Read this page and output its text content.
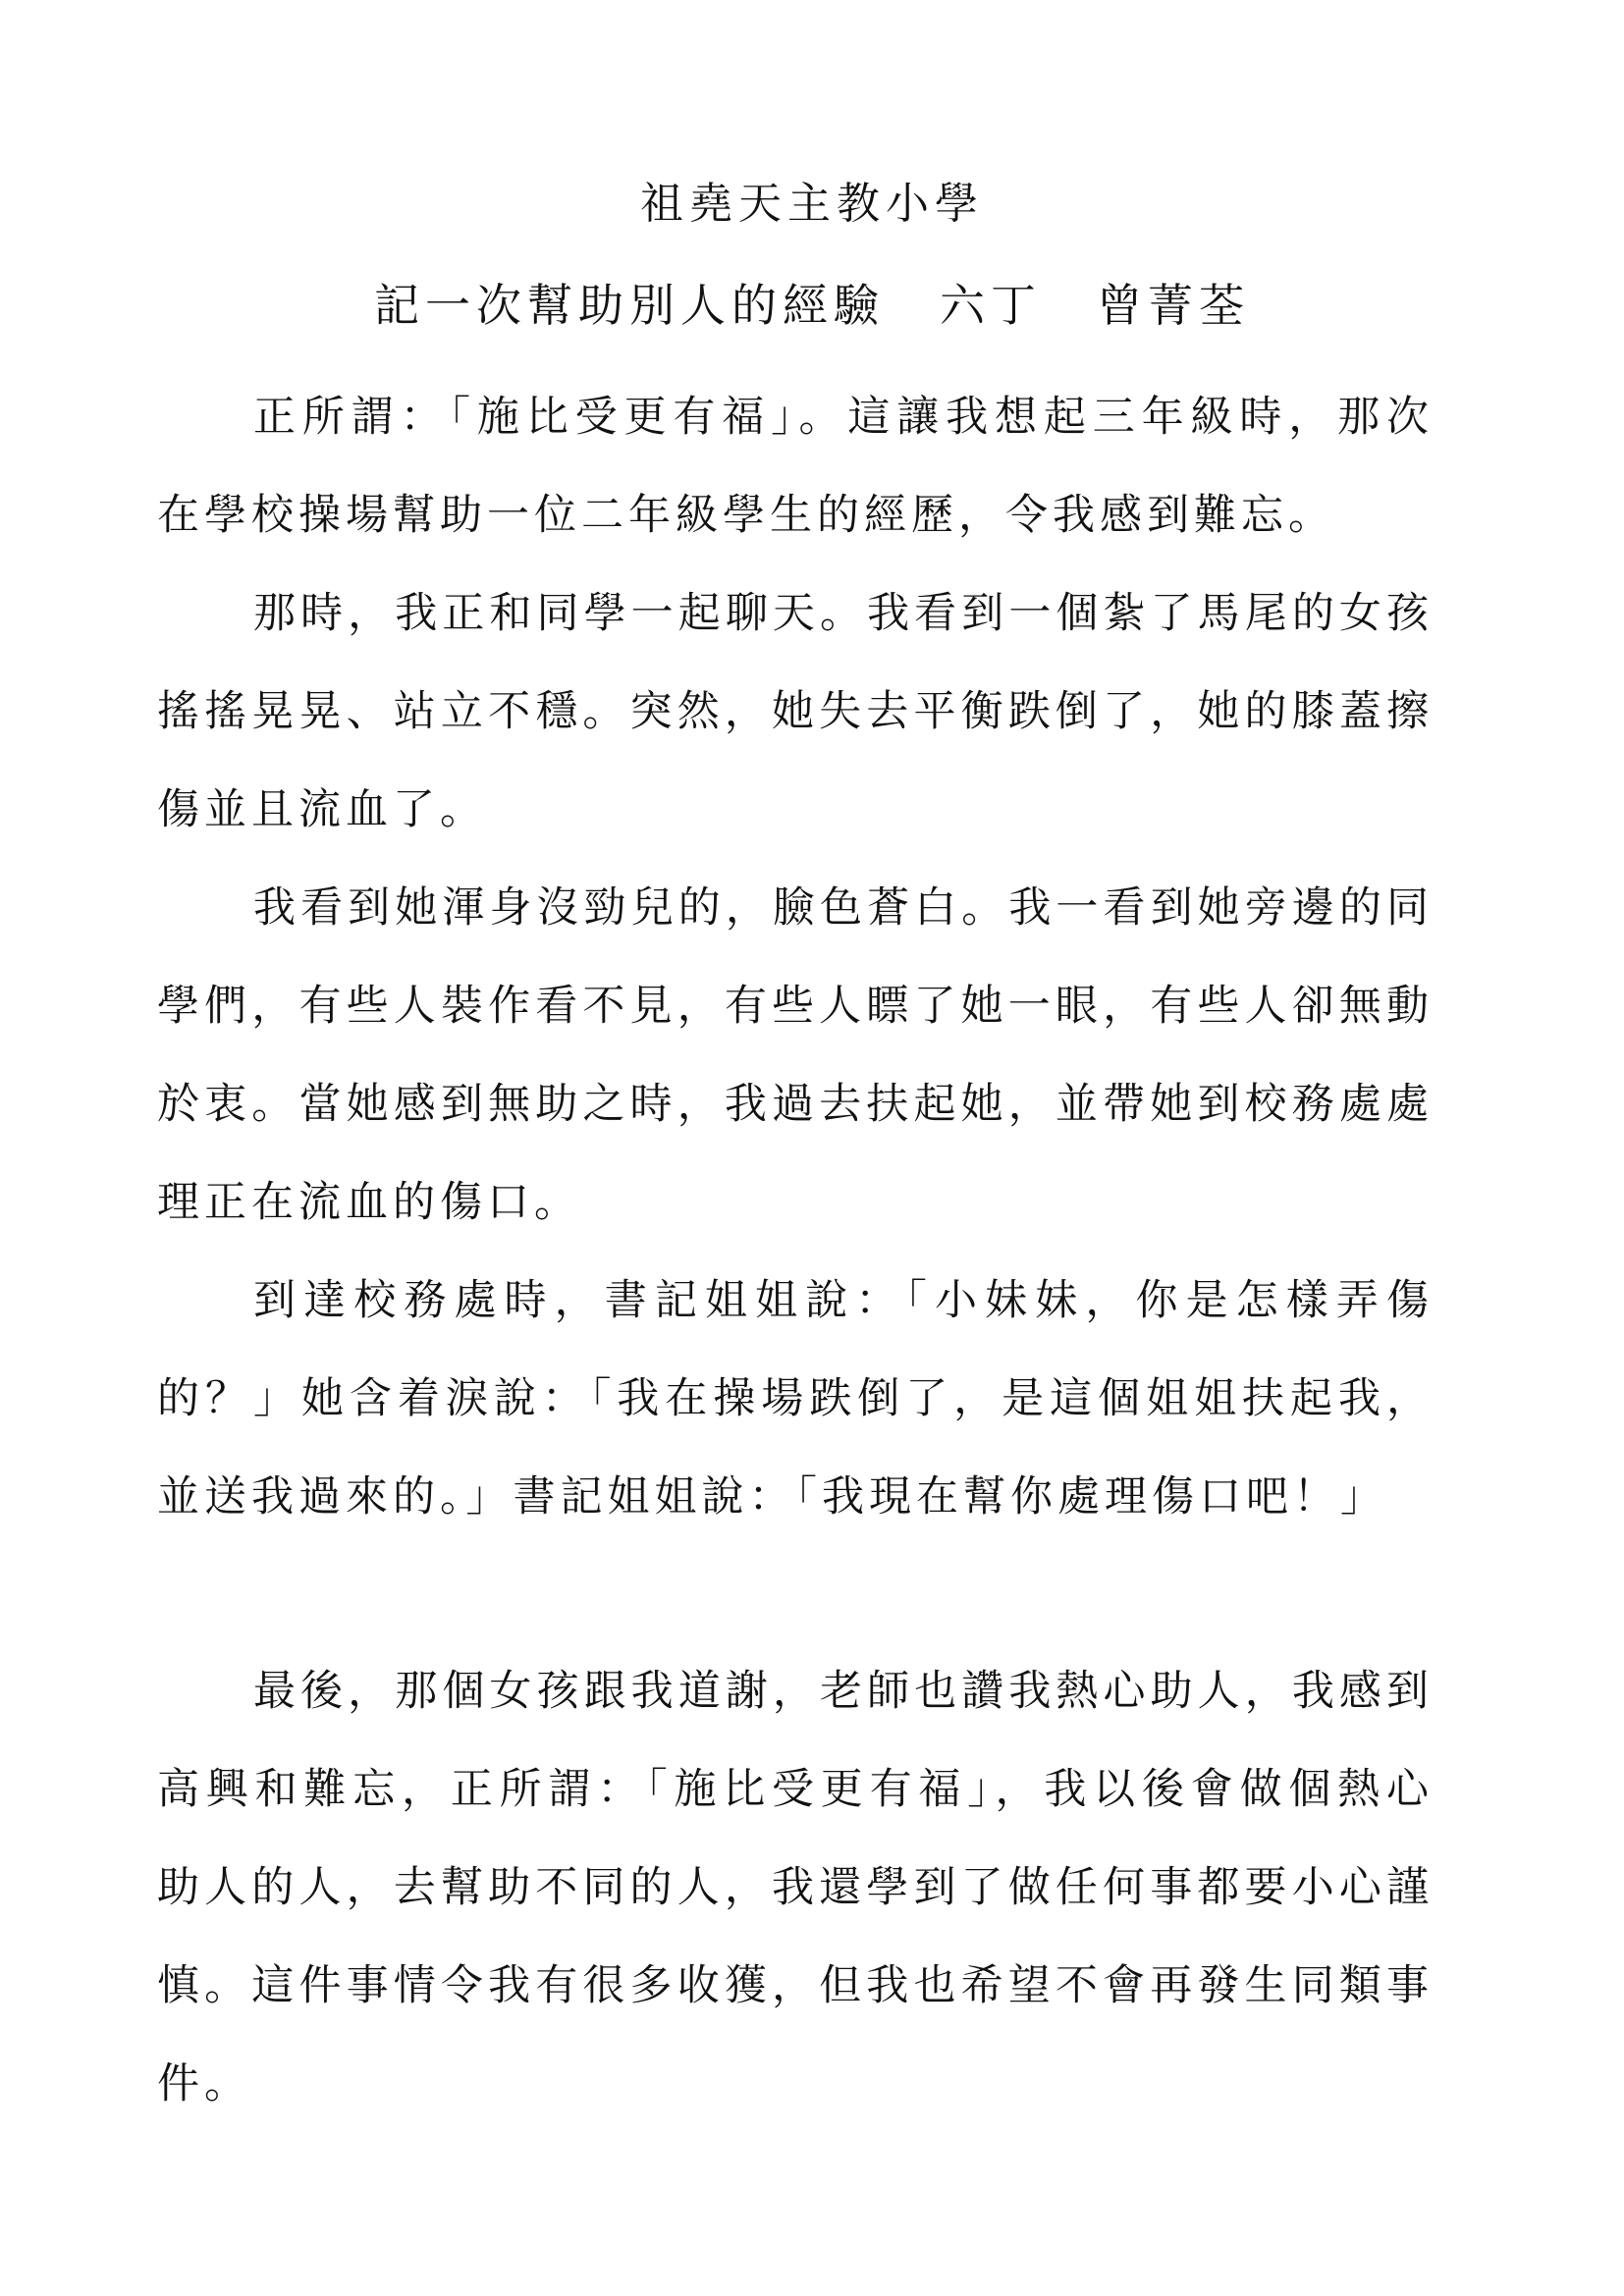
祖堯天主教小學
記一次幫助別人的經驗 六丁 曾菁荃

正所謂：「施比受更有福」。這讓我想起三年級時，那次在學校操場幫助一位二年級學生的經歷，令我感到難忘。

那時，我正和同學一起聊天。我看到一個紮了馬尾的女孩搖搖晃晃、站立不穩。突然，她失去平衡跌倒了，她的膝蓋擦傷並且流血了。

我看到她渾身沒勁兒的，臉色蒼白。我一看到她旁邊的同學們，有些人裝作看不見，有些人瞟了她一眼，有些人卻無動於衷。當她感到無助之時，我過去扶起她，並帶她到校務處處理正在流血的傷口。

到達校務處時，書記姐姐說：「小妹妹，你是怎樣弄傷的？」她含着淚說：「我在操場跌倒了，是這個姐姐扶起我，並送我過來的。」書記姐姐說：「我現在幫你處理傷口吧！」

最後，那個女孩跟我道謝，老師也讚我熱心助人，我感到高興和難忘，正所謂：「施比受更有福」，我以後會做個熱心助人的人，去幫助不同的人，我還學到了做任何事都要小心謹慎。這件事情令我有很多收獲，但我也希望不會再發生同類事件。
